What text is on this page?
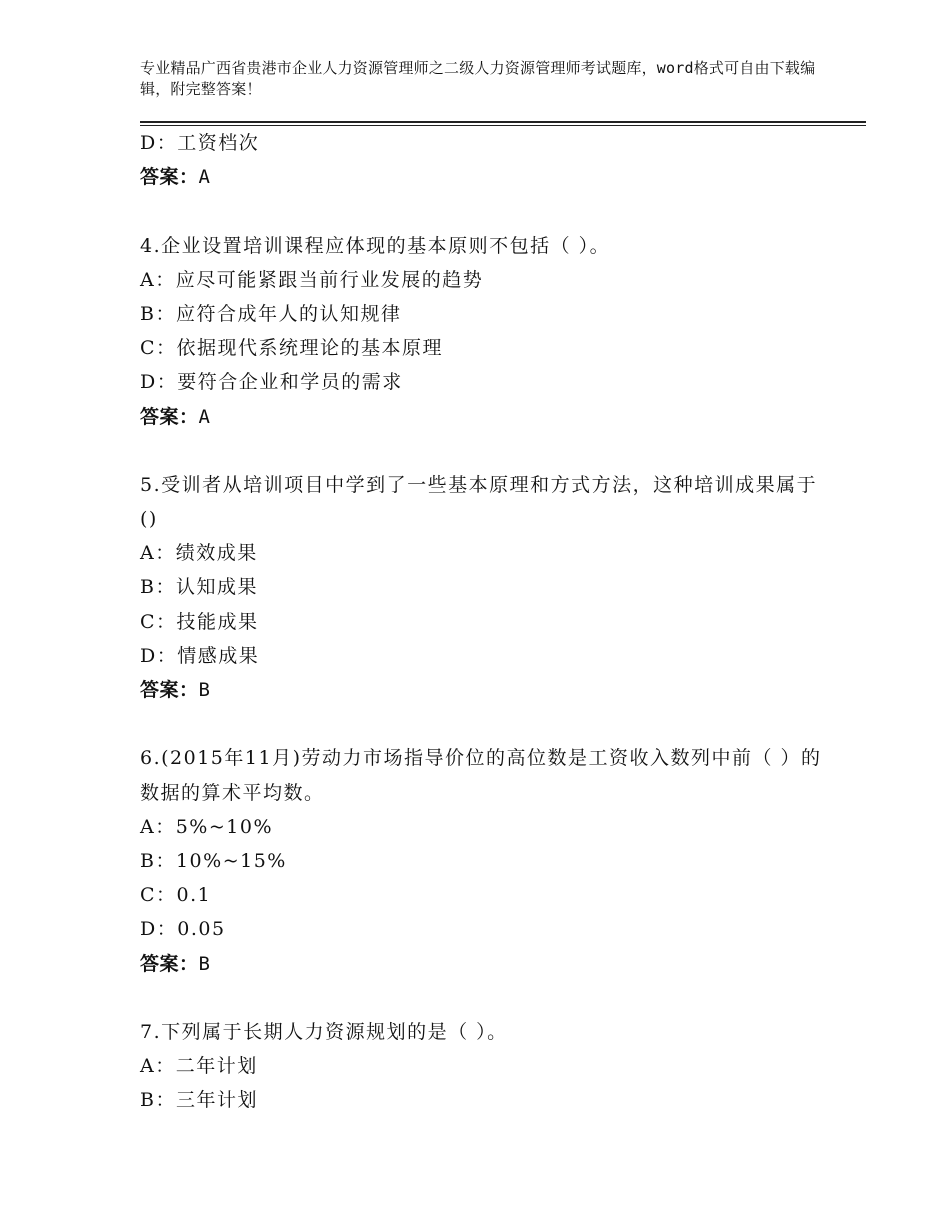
专业精品广西省贵港市企业人力资源管理师之二级人力资源管理师考试题库，word格式可自由下载编辑，附完整答案！
D：工资档次
答案：A
4.企业设置培训课程应体现的基本原则不包括（ ）。
A：应尽可能紧跟当前行业发展的趋势
B：应符合成年人的认知规律
C：依据现代系统理论的基本原理
D：要符合企业和学员的需求
答案：A
5.受训者从培训项目中学到了一些基本原理和方式方法，这种培训成果属于()
A：绩效成果
B：认知成果
C：技能成果
D：情感成果
答案：B
6.(2015年11月)劳动力市场指导价位的高位数是工资收入数列中前（ ）的数据的算术平均数。
A：5%~10%
B：10%~15%
C：0.1
D：0.05
答案：B
7.下列属于长期人力资源规划的是（ ）。
A：二年计划
B：三年计划
